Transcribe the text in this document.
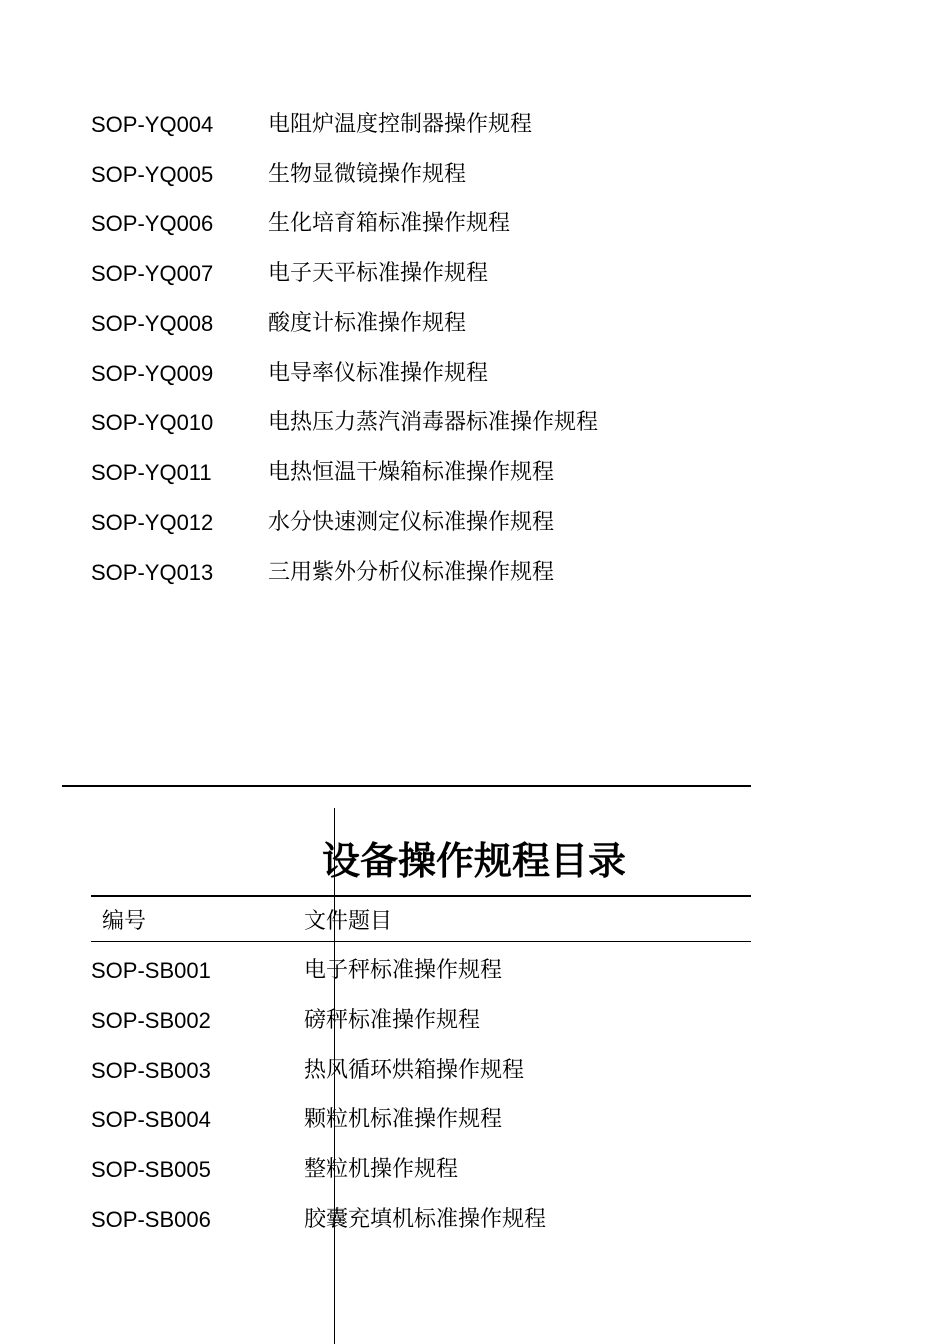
SOP-YQ004 电阻炉温度控制器操作规程
SOP-YQ005 生物显微镜操作规程
SOP-YQ006 生化培育箱标准操作规程
SOP-YQ007 电子天平标准操作规程
SOP-YQ008 酸度计标准操作规程
SOP-YQ009 电导率仪标准操作规程
SOP-YQ010 电热压力蒸汽消毒器标准操作规程
SOP-YQ011	电热恒温干燥箱标准操作规程
SOP-YQ012 水分快速测定仪标准操作规程
SOP-YQ013 三用紫外分析仪标准操作规程
设备操作规程目录
编号	文件题目
SOP-SB001	电子秤标准操作规程
SOP-SB002	磅秤标准操作规程
SOP-SB003	热风循环烘箱操作规程
SOP-SB004	颗粒机标准操作规程
SOP-SB005	整粒机操作规程
SOP-SB006	胶囊充填机标准操作规程
